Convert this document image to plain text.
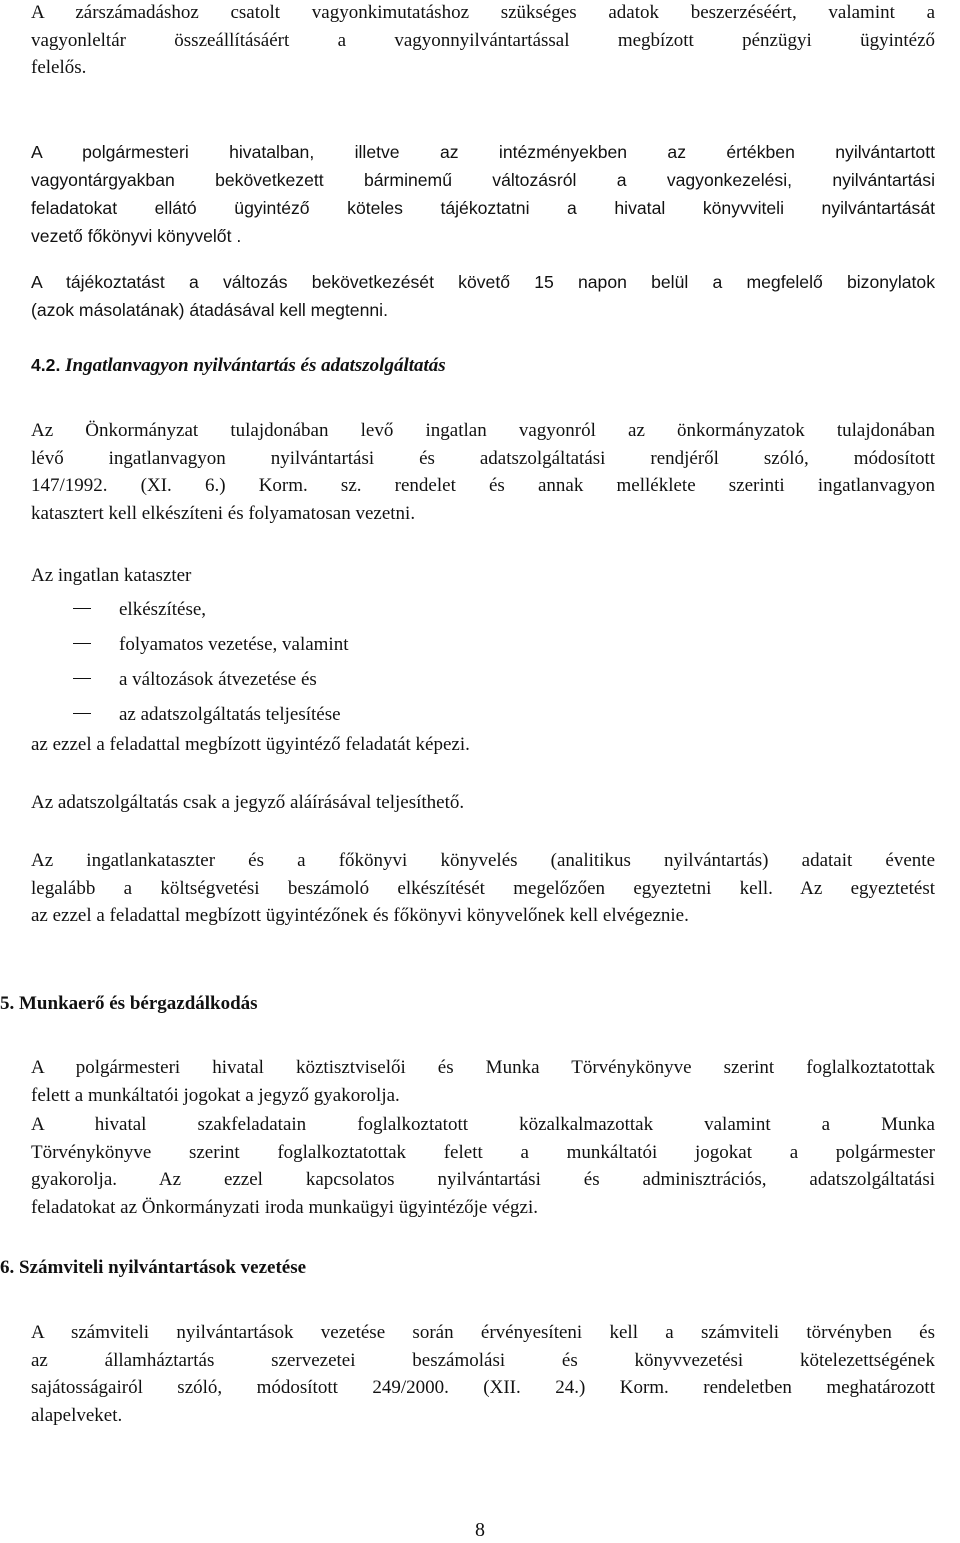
A zárszámadáshoz csatolt vagyonkimutatáshoz szükséges adatok beszerzéséért, valamint a
vagyonleltár összeállításáért a vagyonnyilvántartással megbízott pénzügyi ügyintéző
felelős.
A polgármesteri hivatalban, illetve az intézményekben az értékben nyilvántartott
vagyontárgyakban bekövetkezett bárminemű változásról a vagyonkezelési, nyilvántartási
feladatokat ellátó ügyintéző köteles tájékoztatni a hivatal könyvviteli nyilvántartását
vezető főkönyvi könyvelőt .
A tájékoztatást a változás bekövetkezését követő 15 napon belül a megfelelő bizonylatok
(azok másolatának) átadásával kell megtenni.
4.2. Ingatlanvagyon nyilvántartás és adatszolgáltatás
Az Önkormányzat tulajdonában levő ingatlan vagyonról az önkormányzatok tulajdonában
lévő ingatlanvagyon nyilvántartási és adatszolgáltatási rendjéről szóló, módosított
147/1992. (XI. 6.) Korm. sz. rendelet és annak melléklete szerinti ingatlanvagyon
katasztert kell elkészíteni és folyamatosan vezetni.
Az ingatlan kataszter
elkészítése,
folyamatos vezetése, valamint
a változások átvezetése és
az adatszolgáltatás teljesítése
az ezzel a feladattal megbízott ügyintéző feladatát képezi.
Az adatszolgáltatás csak a jegyző aláírásával teljesíthető.
Az ingatlankataszter és a főkönyvi könyvelés (analitikus nyilvántartás) adatait évente
legalább a költségvetési beszámoló elkészítését megelőzően egyeztetni kell. Az egyeztetést
az ezzel a feladattal megbízott ügyintézőnek és főkönyvi könyvelőnek kell elvégeznie.
5. Munkaerő és bérgazdálkodás
A polgármesteri hivatal köztisztviselői és Munka Törvénykönyve szerint foglalkoztatottak
felett a munkáltatói jogokat a jegyző gyakorolja.
A hivatal szakfeladatain foglalkoztatott közalkalmazottak valamint a Munka
Törvénykönyve szerint foglalkoztatottak felett a munkáltatói jogokat a polgármester
gyakorolja. Az ezzel kapcsolatos nyilvántartási és adminisztrációs, adatszolgáltatási
feladatokat az Önkormányzati iroda munkaügyi ügyintézője végzi.
6. Számviteli nyilvántartások vezetése
A számviteli nyilvántartások vezetése során érvényesíteni kell a számviteli törvényben és
az államháztartás szervezetei beszámolási és könyvvezetési kötelezettségének
sajátosságairól szóló, módosított 249/2000. (XII. 24.) Korm. rendeletben meghatározott
alapelveket.
8
